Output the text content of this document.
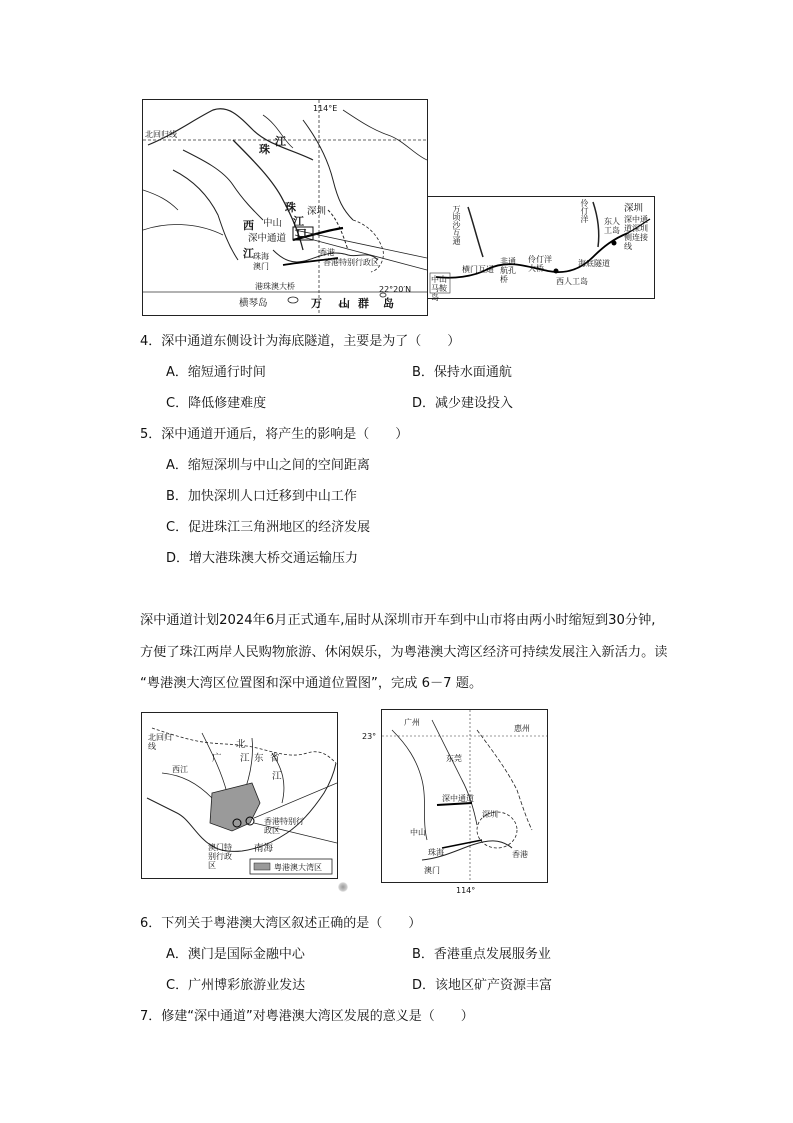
114°E
22°20′N
北回归线
珠
江
珠
江
中山
深圳
西
江
深中通道 口
香港
珠海
澳门
港珠澳大桥
香港特别行政区
横琴岛	万 山 群 岛
万顷沙互通	伶仃洋	深圳
中山马鞍岛
横门互通
非通航孔桥
伶仃洋大桥
西人工岛
海底隧道
东人工岛
深中通道深圳侧连接线
4．深中通道东侧设计为海底隧道，主要是为了（　　）
A．缩短通行时间	B．保持水面通航
C．降低修建难度	D．减少建设投入
5．深中通道开通后，将产生的影响是（　　）
A．缩短深圳与中山之间的空间距离
B．加快深圳人口迁移到中山工作
C．促进珠江三角洲地区的经济发展
D．增大港珠澳大桥交通运输压力
深中通道计划2024年6月正式通车,届时从深圳市开车到中山市将由两小时缩短到30分钟,
方便了珠江两岸人民购物旅游、休闲娱乐，为粤港澳大湾区经济可持续发展注入新活力。读
“粤港澳大湾区位置图和深中通道位置图”，完成 6－7 题。
北回归线
西江
北
广 江 东 省
江
澳门特别行政区
香港特别行政区
南海
粤港澳大湾区
23°
114°
广州
惠州
东莞
深圳
中山
珠海
澳门
香港
深中通道
6．下列关于粤港澳大湾区叙述正确的是（　　）
A．澳门是国际金融中心	B．香港重点发展服务业
C．广州博彩旅游业发达	D．该地区矿产资源丰富
7．修建“深中通道”对粤港澳大湾区发展的意义是（　　）
